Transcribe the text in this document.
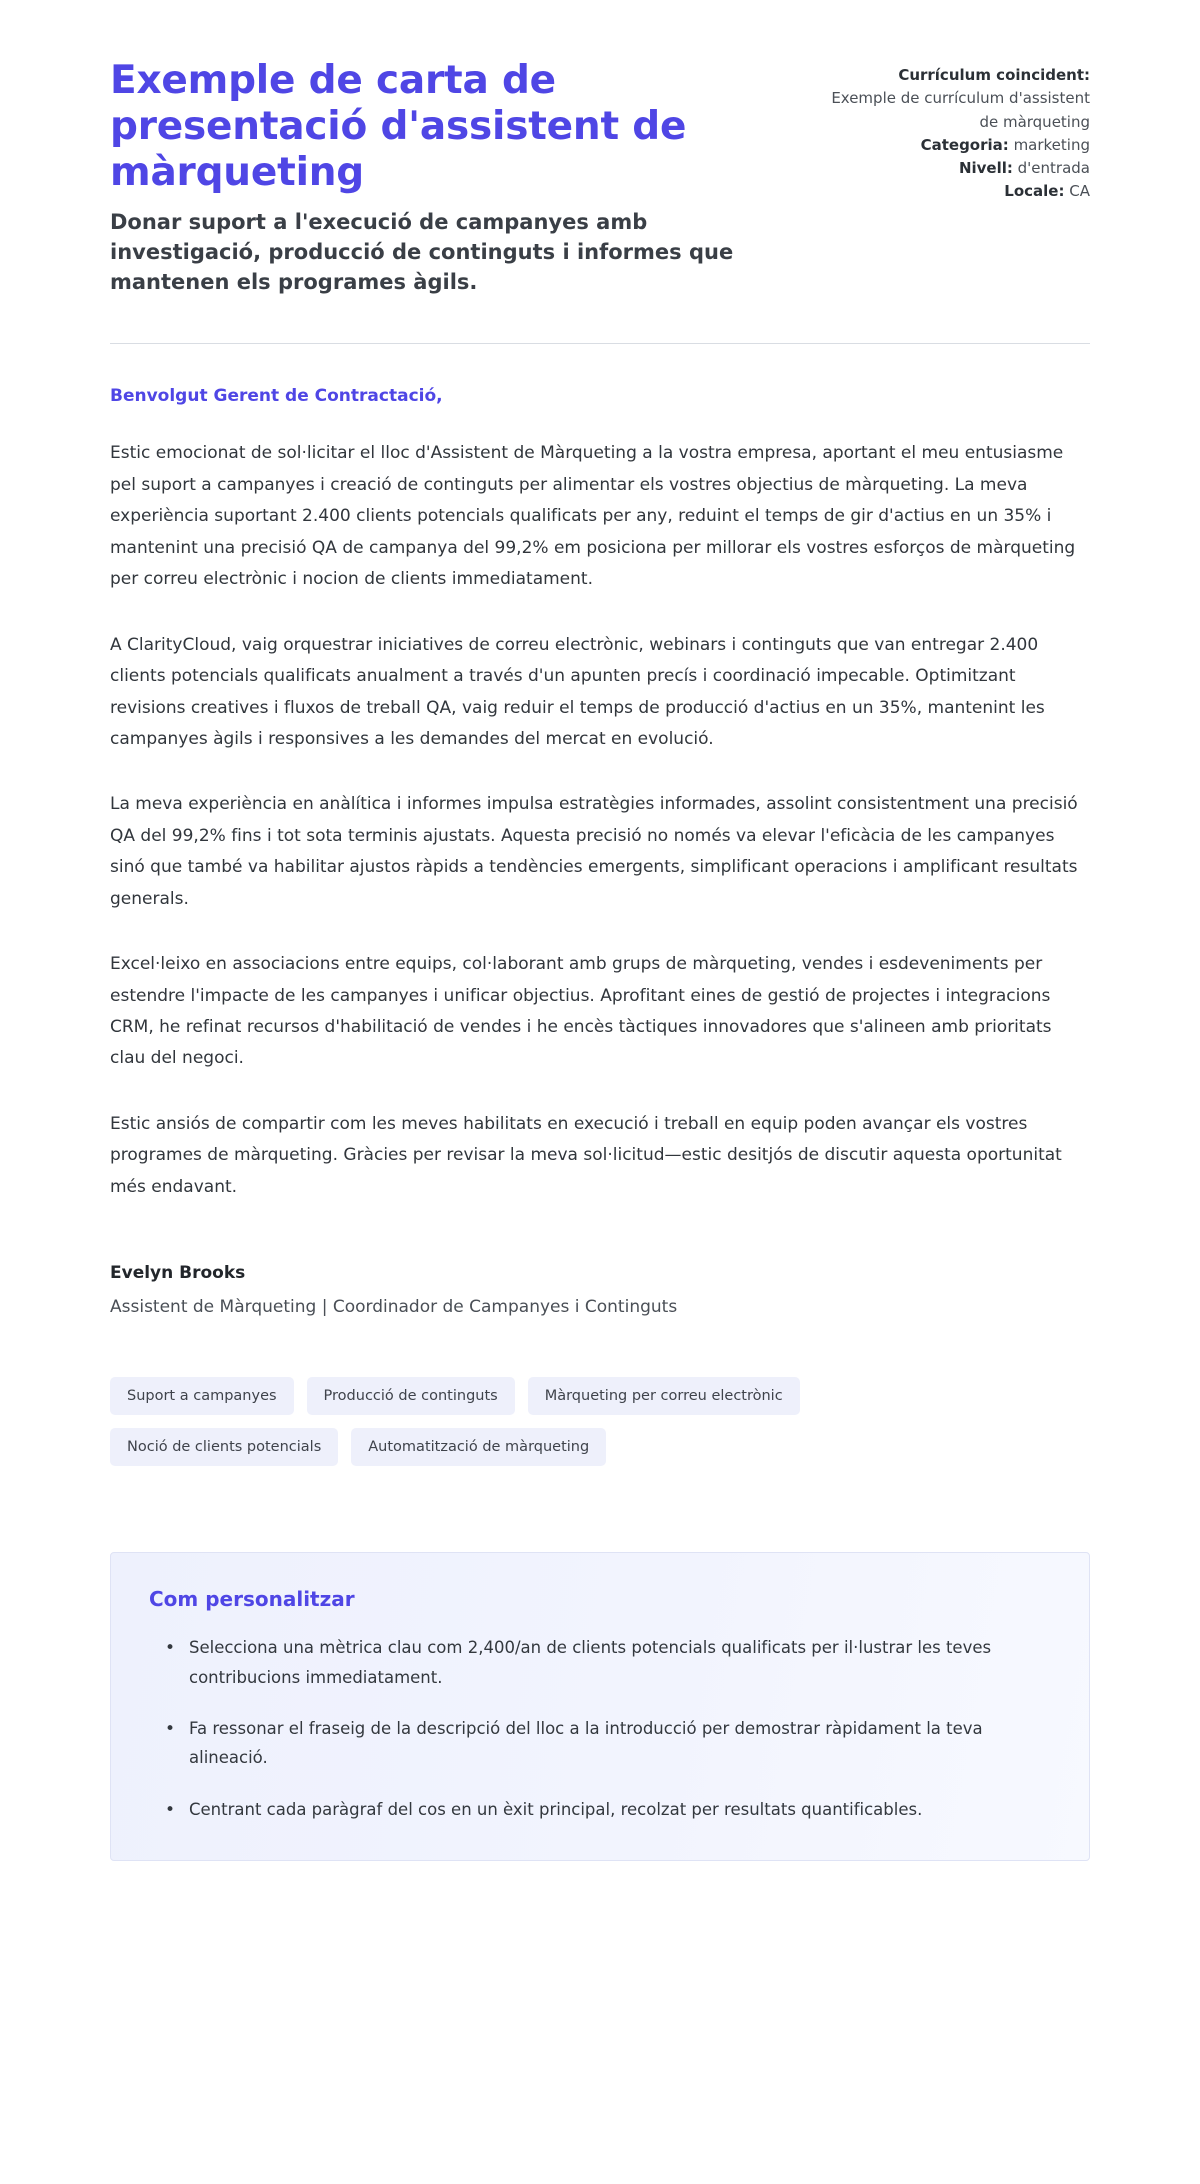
Exemple de carta de presentació d'assistent de màrqueting

Donar suport a l'execució de campanyes amb investigació, producció de continguts i informes que mantenen els programes àgils.

Currículum coincident:
Exemple de currículum d'assistent de màrqueting
Categoria: marketing
Nivell: d'entrada
Locale: CA

Benvolgut Gerent de Contractació,

Estic emocionat de sol·licitar el lloc d'Assistent de Màrqueting a la vostra empresa, aportant el meu entusiasme pel suport a campanyes i creació de continguts per alimentar els vostres objectius de màrqueting. La meva experiència suportant 2.400 clients potencials qualificats per any, reduint el temps de gir d'actius en un 35% i mantenint una precisió QA de campanya del 99,2% em posiciona per millorar els vostres esforços de màrqueting per correu electrònic i nocion de clients immediatament.

A ClarityCloud, vaig orquestrar iniciatives de correu electrònic, webinars i continguts que van entregar 2.400 clients potencials qualificats anualment a través d'un apunten precís i coordinació impecable. Optimitzant revisions creatives i fluxos de treball QA, vaig reduir el temps de producció d'actius en un 35%, mantenint les campanyes àgils i responsives a les demandes del mercat en evolució.

La meva experiència en anàlítica i informes impulsa estratègies informades, assolint consistentment una precisió QA del 99,2% fins i tot sota terminis ajustats. Aquesta precisió no només va elevar l'eficàcia de les campanyes sinó que també va habilitar ajustos ràpids a tendències emergents, simplificant operacions i amplificant resultats generals.

Excel·leixo en associacions entre equips, col·laborant amb grups de màrqueting, vendes i esdeveniments per estendre l'impacte de les campanyes i unificar objectius. Aprofitant eines de gestió de projectes i integracions CRM, he refinat recursos d'habilitació de vendes i he encès tàctiques innovadores que s'alineen amb prioritats clau del negoci.

Estic ansiós de compartir com les meves habilitats en execució i treball en equip poden avançar els vostres programes de màrqueting. Gràcies per revisar la meva sol·licitud—estic desitjós de discutir aquesta oportunitat més endavant.

Evelyn Brooks

Assistent de Màrqueting | Coordinador de Campanyes i Continguts

Suport a campanyes	Producció de continguts	Màrqueting per correu electrònic
Noció de clients potencials	Automatització de màrqueting
Com personalitzar
• Selecciona una mètrica clau com 2,400/an de clients potencials qualificats per il·lustrar les teves contribucions immediatament.
• Fa ressonar el fraseig de la descripció del lloc a la introducció per demostrar ràpidament la teva alineació.
• Centrant cada paràgraf del cos en un èxit principal, recolzat per resultats quantificables.
